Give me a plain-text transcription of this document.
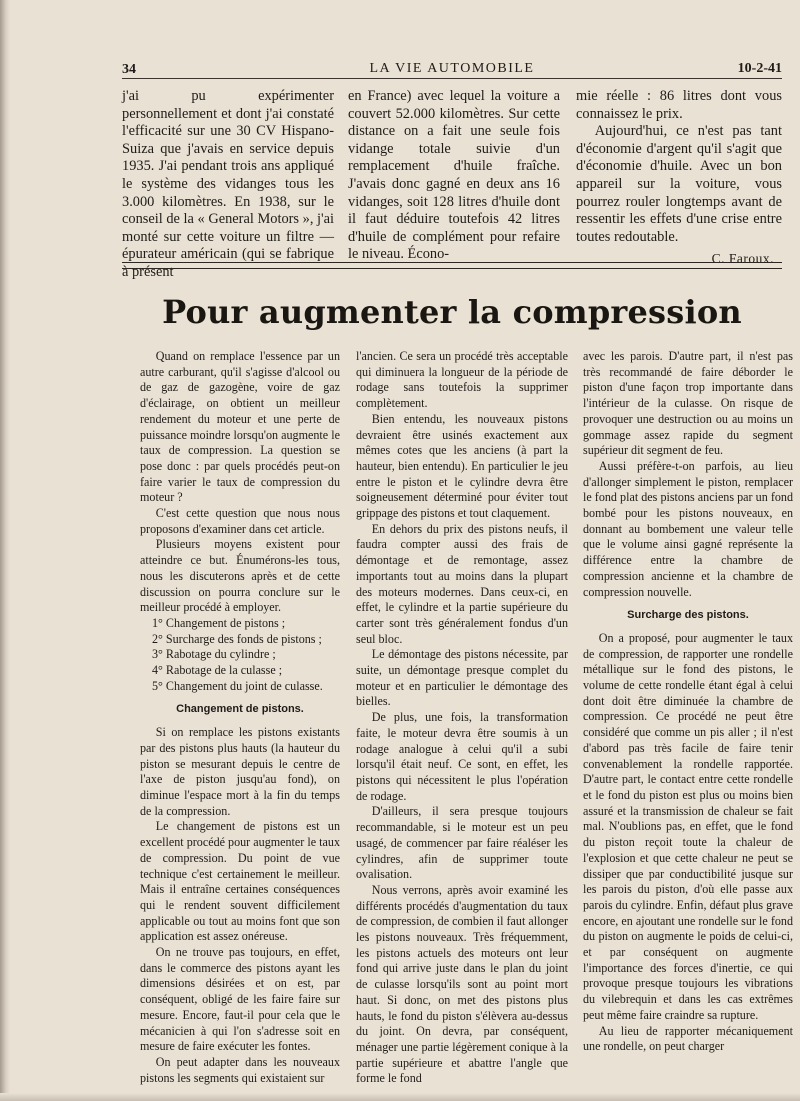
LA VIE AUTOMOBILE
34	10-2-41

j'ai pu expérimenter personnellement et dont j'ai constaté l'efficacité sur une 30 CV Hispano-Suiza que j'avais en service depuis 1935. J'ai pendant trois ans appliqué le système des vidanges tous les 3.000 kilomètres. En 1938, sur le conseil de la « General Motors », j'ai monté sur cette voiture un filtre — épurateur américain (qui se fabrique à présent

en France) avec lequel la voiture a couvert 52.000 kilomètres. Sur cette distance on a fait une seule fois vidange totale suivie d'un remplacement d'huile fraîche. J'avais donc gagné en deux ans 16 vidanges, soit 128 litres d'huile dont il faut déduire toutefois 42 litres d'huile de complément pour refaire le niveau. Écono-

mie réelle : 86 litres dont vous connaissez le prix.

Aujourd'hui, ce n'est pas tant d'économie d'argent qu'il s'agit que d'économie d'huile. Avec un bon appareil sur la voiture, vous pourrez rouler longtemps avant de ressentir les effets d'une crise entre toutes redoutable.

C. Faroux.
Pour augmenter la compression

Quand on remplace l'essence par un autre carburant, qu'il s'agisse d'alcool ou de gaz de gazogène, voire de gaz d'éclairage, on obtient un meilleur rendement du moteur et une perte de puissance moindre lorsqu'on augmente le taux de compression. La question se pose donc : par quels procédés peut-on faire varier le taux de compression du moteur ?

C'est cette question que nous nous proposons d'examiner dans cet article.

Plusieurs moyens existent pour atteindre ce but. Énumérons-les tous, nous les discuterons après et de cette discussion on pourra conclure sur le meilleur procédé à employer.

1° Changement de pistons ;

2° Surcharge des fonds de pistons ;

3° Rabotage du cylindre ;

4° Rabotage de la culasse ;

5° Changement du joint de culasse.

Changement de pistons.

Si on remplace les pistons existants par des pistons plus hauts (la hauteur du piston se mesurant depuis le centre de l'axe de piston jusqu'au fond), on diminue l'espace mort à la fin du temps de la compression.

Le changement de pistons est un excellent procédé pour augmenter le taux de compression. Du point de vue technique c'est certainement le meilleur. Mais il entraîne certaines conséquences qui le rendent souvent difficilement applicable ou tout au moins font que son application est assez onéreuse.

On ne trouve pas toujours, en effet, dans le commerce des pistons ayant les dimensions désirées et on est, par conséquent, obligé de les faire faire sur mesure. Encore, faut-il pour cela que le mécanicien à qui l'on s'adresse soit en mesure de faire exécuter les fontes.

On peut adapter dans les nouveaux pistons les segments qui existaient sur

l'ancien. Ce sera un procédé très acceptable qui diminuera la longueur de la période de rodage sans toutefois la supprimer complètement.

Bien entendu, les nouveaux pistons devraient être usinés exactement aux mêmes cotes que les anciens (à part la hauteur, bien entendu). En particulier le jeu entre le piston et le cylindre devra être soigneusement déterminé pour éviter tout grippage des pistons et tout claquement.

En dehors du prix des pistons neufs, il faudra compter aussi des frais de démontage et de remontage, assez importants tout au moins dans la plupart des moteurs modernes. Dans ceux-ci, en effet, le cylindre et la partie supérieure du carter sont très généralement fondus d'un seul bloc.

Le démontage des pistons nécessite, par suite, un démontage presque complet du moteur et en particulier le démontage des bielles.

De plus, une fois, la transformation faite, le moteur devra être soumis à un rodage analogue à celui qu'il a subi lorsqu'il était neuf. Ce sont, en effet, les pistons qui nécessitent le plus l'opération de rodage.

D'ailleurs, il sera presque toujours recommandable, si le moteur est un peu usagé, de commencer par faire réaléser les cylindres, afin de supprimer toute ovalisation.

Nous verrons, après avoir examiné les différents procédés d'augmentation du taux de compression, de combien il faut allonger les pistons nouveaux. Très fréquemment, les pistons actuels des moteurs ont leur fond qui arrive juste dans le plan du joint de culasse lorsqu'ils sont au point mort haut. Si donc, on met des pistons plus hauts, le fond du piston s'élèvera au-dessus du joint. On devra, par conséquent, ménager une partie légèrement conique à la partie supérieure et abattre l'angle que forme le fond

avec les parois. D'autre part, il n'est pas très recommandé de faire déborder le piston d'une façon trop importante dans l'intérieur de la culasse. On risque de provoquer une destruction ou au moins un gommage assez rapide du segment supérieur dit segment de feu.

Aussi préfère-t-on parfois, au lieu d'allonger simplement le piston, remplacer le fond plat des pistons anciens par un fond bombé pour les pistons nouveaux, en donnant au bombement une valeur telle que le volume ainsi gagné représente la différence entre la chambre de compression ancienne et la chambre de compression nouvelle.

Surcharge des pistons.

On a proposé, pour augmenter le taux de compression, de rapporter une rondelle métallique sur le fond des pistons, le volume de cette rondelle étant égal à celui dont doit être diminuée la chambre de compression. Ce procédé ne peut être considéré que comme un pis aller ; il n'est d'abord pas très facile de faire tenir convenablement la rondelle rapportée. D'autre part, le contact entre cette rondelle et le fond du piston est plus ou moins bien assuré et la transmission de chaleur se fait mal. N'oublions pas, en effet, que le fond du piston reçoit toute la chaleur de l'explosion et que cette chaleur ne peut se dissiper que par conductibilité jusque sur les parois du piston, d'où elle passe aux parois du cylindre. Enfin, défaut plus grave encore, en ajoutant une rondelle sur le fond du piston on augmente le poids de celui-ci, et par conséquent on augmente l'importance des forces d'inertie, ce qui provoque presque toujours les vibrations du vilebrequin et dans les cas extrêmes peut même faire craindre sa rupture.

Au lieu de rapporter mécaniquement une rondelle, on peut charger
